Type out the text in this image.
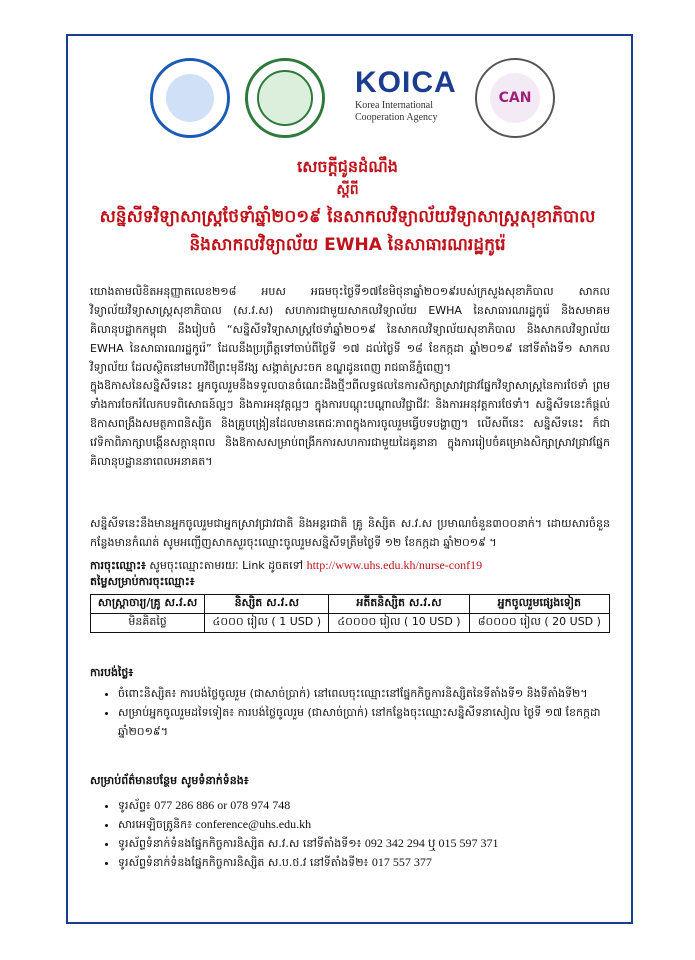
KOICA
Korea International
Cooperation Agency
CAN
សេចក្តីជូនដំណឹង
ស្តីពី
សន្និសីទវិទ្យាសាស្ត្រថែទាំឆ្នាំ២០១៩ នៃសាកលវិទ្យាល័យវិទ្យាសាស្ត្រសុខាភិបាល
និងសាកលវិទ្យាល័យ EWHA នៃសាធារណរដ្ឋកូរ៉េ
យោងតាមលិខិតអនុញ្ញាតលេខ២១៨ អបស អធមចុះថ្ងៃទី១៧ខែមិថុនាឆ្នាំ២០១៩របស់ក្រសួងសុខាភិបាល សាកលវិទ្យាល័យវិទ្យាសាស្ត្រសុខាភិបាល (ស.វ.ស) សហការជាមួយសាកលវិទ្យាល័យ EWHA នៃសាធារណរដ្ឋកូរ៉េ និងសមាគមគិលានុបដ្ឋាកកម្ពុជា នឹងរៀបចំ “សន្និសីទវិទ្យាសាស្ត្រថែទាំឆ្នាំ២០១៩ នៃសាកលវិទ្យាល័យសុខាភិបាល និងសាកលវិទ្យាល័យ EWHA នៃសាធារណរដ្ឋកូរ៉េ” ដែលនឹងប្រព្រឹត្តទៅចាប់ពីថ្ងៃទី ១៧ ដល់ថ្ងៃទី ១៨ ខែកក្កដា ឆ្នាំ២០១៩ នៅទីតាំងទី១ សាកលវិទ្យាល័យ ដែលស្ថិតនៅមហាវិថីព្រះមុនីវង្ស សង្កាត់ស្រះចក ខណ្ឌដូនពេញ រាជធានីភ្នំពេញ។
ក្នុងឱកាសនៃសន្និសីទនេះ អ្នកចូលរួមនឹងទទួលបានចំណេះដឹងថ្មីៗពីលទ្ធផលនៃការសិក្សាស្រាវជ្រាវផ្នែកវិទ្យាសាស្ត្រនៃការថែទាំ ព្រមទាំងការចែករំលែកបទពិសោធន៍ល្អៗ និងការអនុវត្តល្អៗ ក្នុងការបណ្តុះបណ្តាលវិជ្ជាជីវៈ និងការអនុវត្តការថែទាំ។ សន្និសីទនេះក៏ផ្តល់ឱកាសពង្រឹងសមត្ថភាពនិស្សិត និងគ្រូបង្រៀនដែលមានតេជៈភាពក្នុងការចូលរួមធ្វើបទបង្ហាញ។ លើសពីនេះ សន្និសីទនេះ ក៏ជាវេទិកាពិភាក្សាបង្កើនសក្តានុពល និងឱកាសសម្រាប់ពង្រីកការសហការជាមួយដៃគូនានា ក្នុងការរៀបចំគម្រោងសិក្សាស្រាវជ្រាវផ្នែកគិលានុបដ្ឋាននាពេលអនាគត។
សន្និសីទនេះនឹងមានអ្នកចូលរួមជាអ្នកស្រាវជ្រាវជាតិ និងអន្តរជាតិ គ្រូ និស្សិត ស.វ.ស ប្រមាណចំនួន៣០០នាក់។ ដោយសារចំនួនកន្លែងមានកំណត់ សូមអញ្ជើញសាកសួរចុះឈ្មោះចូលរួមសន្និសីទត្រឹមថ្ងៃទី ១២ ខែកក្កដា ឆ្នាំ២០១៩ ។
ការចុះឈ្មោះ៖ សូមចុះឈ្មោះតាមរយៈ Link ដូចតទៅ http://www.uhs.edu.kh/nurse-conf19
តម្លៃសម្រាប់ការចុះឈ្មោះ៖
សាស្ត្រាចារ្យ/គ្រូ ស.វ.ស	និស្សិត ស.វ.ស	អតីតនិស្សិត ស.វ.ស	អ្នកចូលរួមផ្សេងទៀត
មិនគិតថ្លៃ	៤០០០ រៀល ( 1 USD )	៤០០០០ រៀល ( 10 USD )	៨០០០០ រៀល ( 20 USD )
ការបង់ថ្លៃ៖
• ចំពោះនិស្សិត៖ ការបង់ថ្លៃចូលរួម (ជាសាច់ប្រាក់) នៅពេលចុះឈ្មោះនៅផ្នែកកិច្ចការនិស្សិតនៃទីតាំងទី១ និងទីតាំងទី២។
• សម្រាប់អ្នកចូលរួមដទៃទៀត៖ ការបង់ថ្លៃចូលរួម (ជាសាច់ប្រាក់) នៅកន្លែងចុះឈ្មោះសន្និសីទនាសៀល ថ្ងៃទី ១៧ ខែកក្កដា ឆ្នាំ២០១៩។
សម្រាប់ព័ត៌មានបន្ថែម សូមទំនាក់ទំនង៖
• ទូរស័ព្ទ៖ 077 286 886 or 078 974 748
• សារអេឡិចត្រូនិក៖ conference@uhs.edu.kh
• ទូរស័ព្ទទំនាក់ទំនងផ្នែកកិច្ចការនិស្សិត ស.វ.ស នៅទីតាំងទី១៖ 092 342 294 ឬ 015 597 371
• ទូរស័ព្ទទំនាក់ទំនងផ្នែកកិច្ចការនិស្សិត ស.ប.ថ.វ នៅទីតាំងទី២៖ 017 557 377
